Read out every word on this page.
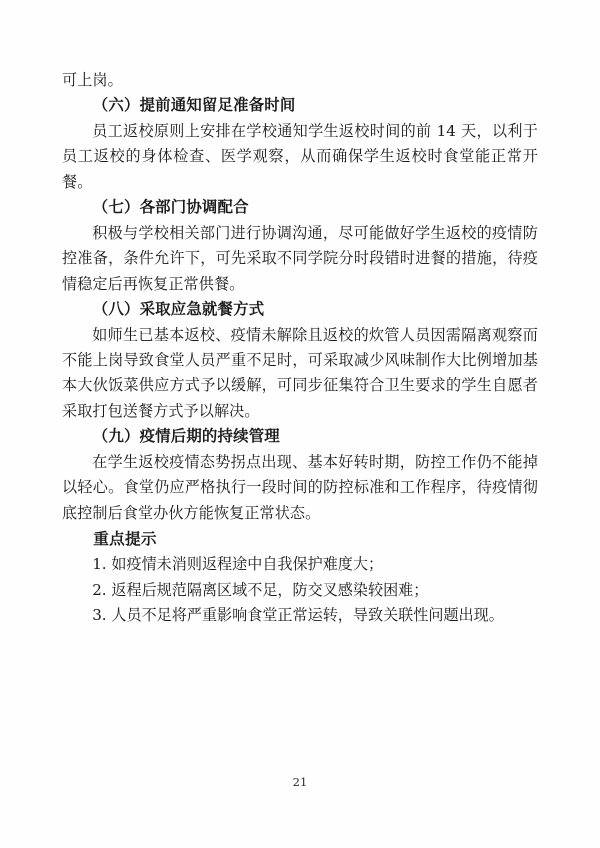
可上岗。

（六）提前通知留足准备时间

员工返校原则上安排在学校通知学生返校时间的前 14 天，以利于员工返校的身体检查、医学观察，从而确保学生返校时食堂能正常开餐。

（七）各部门协调配合

积极与学校相关部门进行协调沟通，尽可能做好学生返校的疫情防控准备，条件允许下，可先采取不同学院分时段错时进餐的措施，待疫情稳定后再恢复正常供餐。

（八）采取应急就餐方式

如师生已基本返校、疫情未解除且返校的炊管人员因需隔离观察而不能上岗导致食堂人员严重不足时，可采取减少风味制作大比例增加基本大伙饭菜供应方式予以缓解，可同步征集符合卫生要求的学生自愿者采取打包送餐方式予以解决。

（九）疫情后期的持续管理

在学生返校疫情态势拐点出现、基本好转时期，防控工作仍不能掉以轻心。食堂仍应严格执行一段时间的防控标准和工作程序，待疫情彻底控制后食堂办伙方能恢复正常状态。

重点提示

1. 如疫情未消则返程途中自我保护难度大；

2. 返程后规范隔离区域不足，防交叉感染较困难；

3. 人员不足将严重影响食堂正常运转，导致关联性问题出现。

21
